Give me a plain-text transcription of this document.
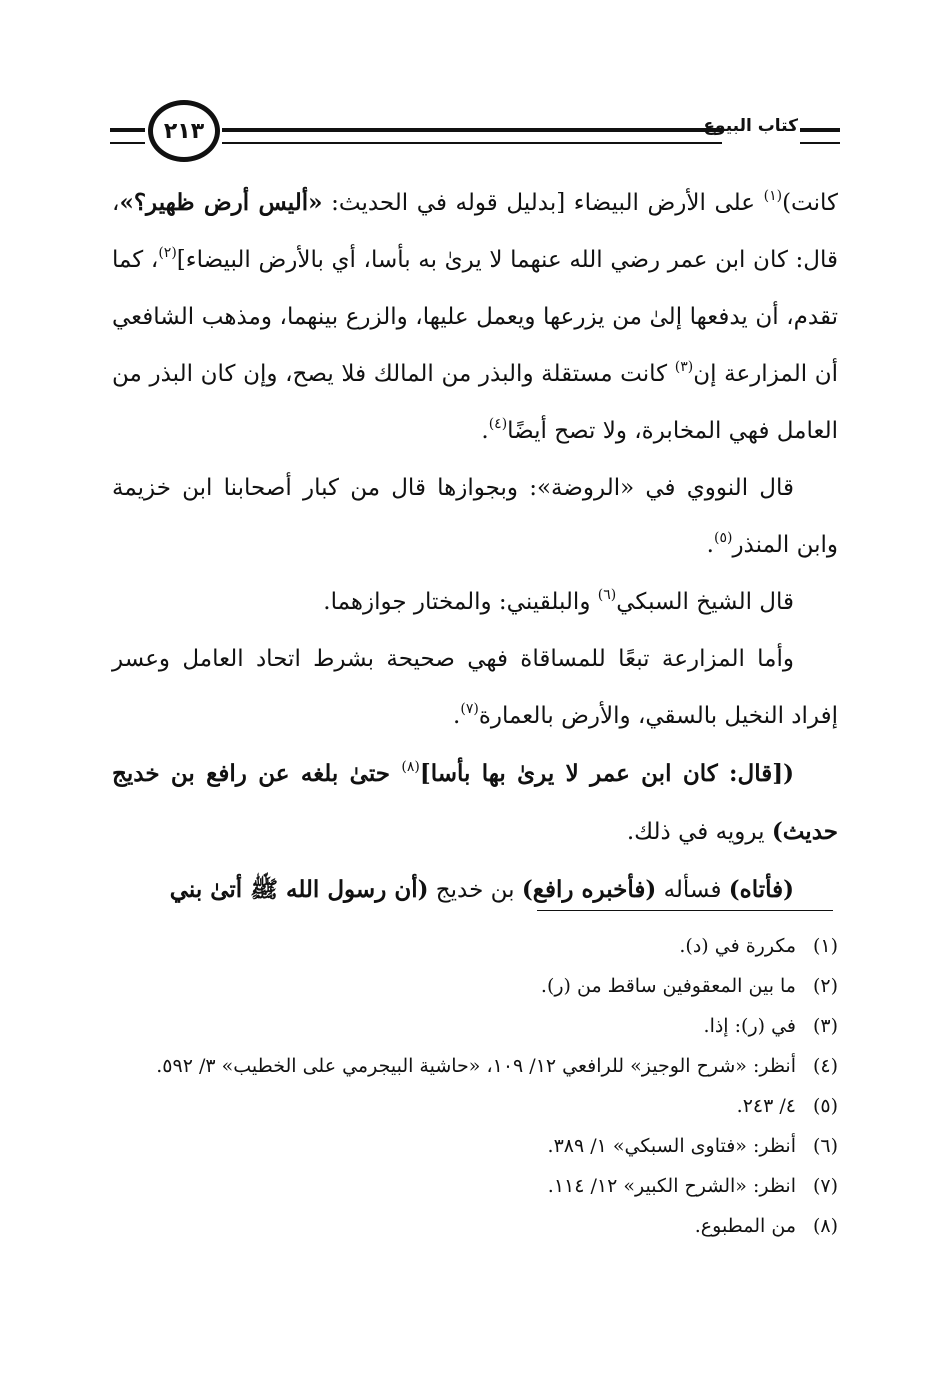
كتاب البيوع
٢١٣

كانت)$^{(١)}$ على الأرض البيضاء [بدليل قوله في الحديث: «أليس أرض ظهير؟»، قال: كان ابن عمر رضي الله عنهما لا يرىٰ به بأسا، أي بالأرض البيضاء]$^{(٢)}$، كما تقدم، أن يدفعها إلىٰ من يزرعها ويعمل عليها، والزرع بينهما، ومذهب الشافعي أن المزارعة إن$^{(٣)}$ كانت مستقلة والبذر من المالك فلا يصح، وإن كان البذر من العامل فهي المخابرة، ولا تصح أيضًا$^{(٤)}$.

قال النووي في «الروضة»: وبجوازها قال من كبار أصحابنا ابن خزيمة وابن المنذر$^{(٥)}$.

قال الشيخ السبكي$^{(٦)}$ والبلقيني: والمختار جوازهما.

وأما المزارعة تبعًا للمساقاة فهي صحيحة بشرط اتحاد العامل وعسر إفراد النخيل بالسقي، والأرض بالعمارة$^{(٧)}$.

([قال: كان ابن عمر لا يرىٰ بها بأسا]$^{(٨)}$ حتىٰ بلغه عن رافع بن خديج حديث) يرويه في ذلك.

(فأتاه) فسأله (فأخبره رافع) بن خديج (أن رسول الله ﷺ أتىٰ بني

(١)
مكررة في (د).
(٢)
ما بين المعقوفين ساقط من (ر).
(٣)
في (ر): إذا.
(٤)
أنظر: «شرح الوجيز» للرافعي ١٢/ ١٠٩، «حاشية البيجرمي على الخطيب» ٣/ ٥٩٢.
(٥)
٤/ ٢٤٣.
(٦)
أنظر: «فتاوى السبكي» ١/ ٣٨٩.
(٧)
انظر: «الشرح الكبير» ١٢/ ١١٤.
(٨)
من المطبوع.
